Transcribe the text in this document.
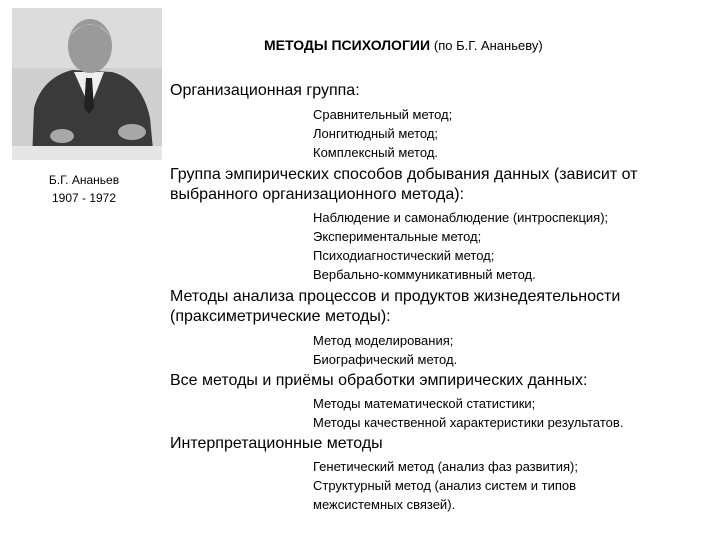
Б.Г. Ананьев
1907 - 1972
МЕТОДЫ ПСИХОЛОГИИ (по Б.Г. Ананьеву)
Организационная группа:
Сравнительный метод;
Лонгитюдный метод;
Комплексный метод.
Группа эмпирических способов добывания данных (зависит от
выбранного организационного метода):
Наблюдение и самонаблюдение (интроспекция);
Экспериментальные метод;
Психодиагностический метод;
Вербально-коммуникативный метод.
Методы анализа процессов и продуктов жизнедеятельности
(праксиметрические методы):
Метод моделирования;
Биографический метод.
Все методы и приёмы обработки эмпирических данных:
Методы математической статистики;
Методы качественной характеристики результатов.
Интерпретационные методы
Генетический метод (анализ фаз развития);
Структурный метод (анализ систем и типов
межсистемных связей).
